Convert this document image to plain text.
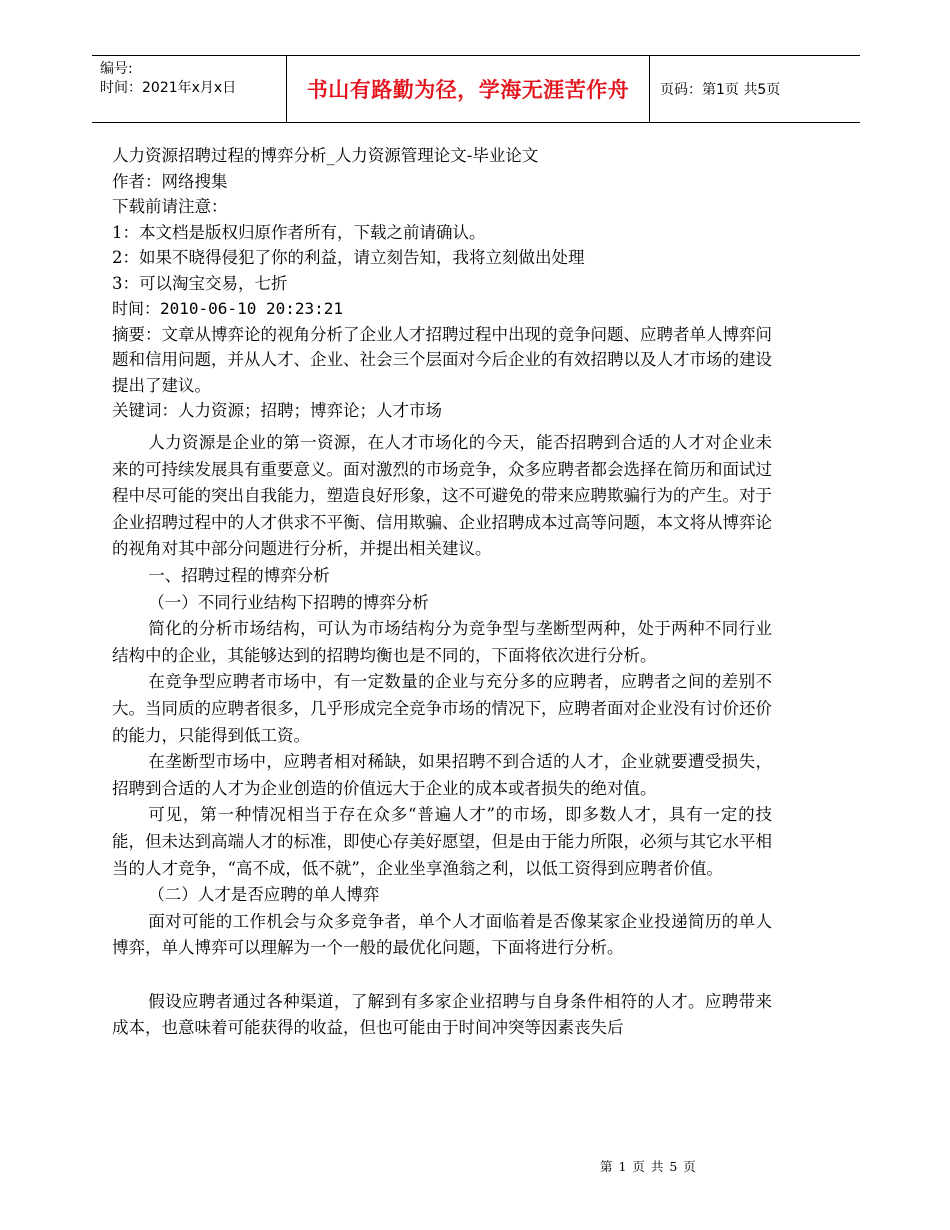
编号:
时间：2021年x月x日	书山有路勤为径，学海无涯苦作舟 页码：第1页 共5页
人力资源招聘过程的博弈分析_人力资源管理论文-毕业论文
作者：网络搜集
下载前请注意：
1：本文档是版权归原作者所有，下载之前请确认。
2：如果不晓得侵犯了你的利益，请立刻告知，我将立刻做出处理
3：可以淘宝交易，七折
时间：2010-06-10 20:23:21
摘要：文章从博弈论的视角分析了企业人才招聘过程中出现的竞争问题、应聘者单人博弈问题和信用问题，并从人才、企业、社会三个层面对今后企业的有效招聘以及人才市场的建设提出了建议。
关键词：人力资源；招聘；博弈论；人才市场

人力资源是企业的第一资源，在人才市场化的今天，能否招聘到合适的人才对企业未来的可持续发展具有重要意义。面对激烈的市场竞争，众多应聘者都会选择在简历和面试过程中尽可能的突出自我能力，塑造良好形象，这不可避免的带来应聘欺骗行为的产生。对于企业招聘过程中的人才供求不平衡、信用欺骗、企业招聘成本过高等问题，本文将从博弈论的视角对其中部分问题进行分析，并提出相关建议。

一、招聘过程的博弈分析

（一）不同行业结构下招聘的博弈分析

简化的分析市场结构，可认为市场结构分为竞争型与垄断型两种，处于两种不同行业结构中的企业，其能够达到的招聘均衡也是不同的，下面将依次进行分析。

在竞争型应聘者市场中，有一定数量的企业与充分多的应聘者，应聘者之间的差别不大。当同质的应聘者很多，几乎形成完全竞争市场的情况下，应聘者面对企业没有讨价还价的能力，只能得到低工资。

在垄断型市场中，应聘者相对稀缺，如果招聘不到合适的人才，企业就要遭受损失，招聘到合适的人才为企业创造的价值远大于企业的成本或者损失的绝对值。

可见，第一种情况相当于存在众多“普遍人才”的市场，即多数人才，具有一定的技能，但未达到高端人才的标准，即使心存美好愿望，但是由于能力所限，必须与其它水平相当的人才竞争，“高不成，低不就”，企业坐享渔翁之利，以低工资得到应聘者价值。

（二）人才是否应聘的单人博弈

面对可能的工作机会与众多竞争者，单个人才面临着是否像某家企业投递简历的单人博弈，单人博弈可以理解为一个一般的最优化问题，下面将进行分析。

假设应聘者通过各种渠道，了解到有多家企业招聘与自身条件相符的人才。应聘带来成本，也意味着可能获得的收益，但也可能由于时间冲突等因素丧失后

第 1 页 共 5 页
